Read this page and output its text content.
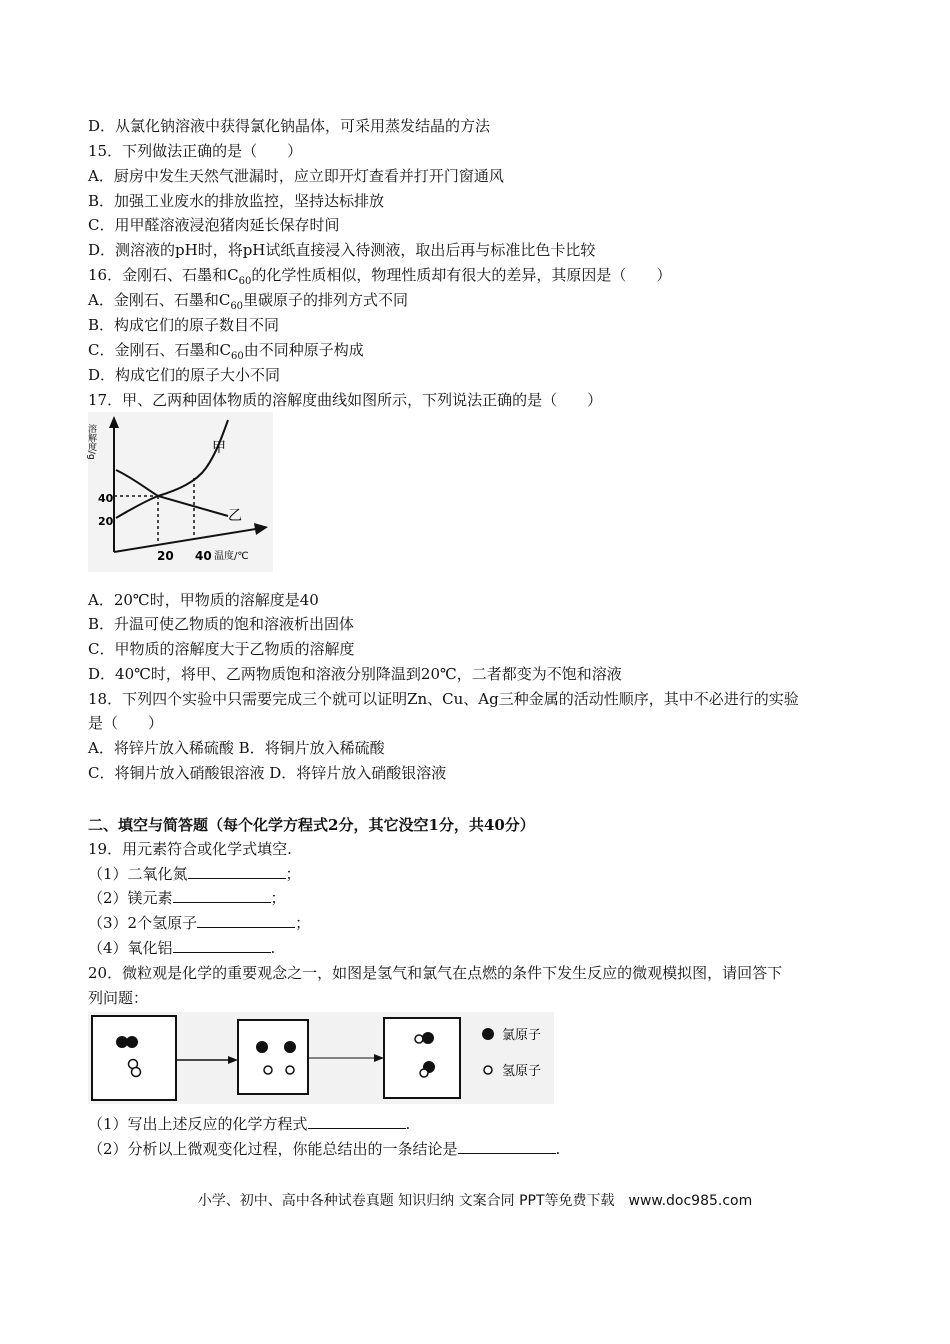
D．从氯化钠溶液中获得氯化钠晶体，可采用蒸发结晶的方法
15．下列做法正确的是（　　）
A．厨房中发生天然气泄漏时，应立即开灯查看并打开门窗通风
B．加强工业废水的排放监控，坚持达标排放
C．用甲醛溶液浸泡猪肉延长保存时间
D．测溶液的pH时，将pH试纸直接浸入待测液，取出后再与标准比色卡比较
16．金刚石、石墨和$C_{60}$的化学性质相似，物理性质却有很大的差异，其原因是（　　）
A．金刚石、石墨和$C_{60}$里碳原子的排列方式不同
B．构成它们的原子数目不同
C．金刚石、石墨和$C_{60}$由不同种原子构成
D．构成它们的原子大小不同
17．甲、乙两种固体物质的溶解度曲线如图所示，下列说法正确的是（　　）
溶解度/g
40
20
20 40 温度/℃
甲
乙
A．20℃时，甲物质的溶解度是40
B．升温可使乙物质的饱和溶液析出固体
C．甲物质的溶解度大于乙物质的溶解度
D．40℃时，将甲、乙两物质饱和溶液分别降温到20℃，二者都变为不饱和溶液
18．下列四个实验中只需要完成三个就可以证明Zn、Cu、Ag三种金属的活动性顺序，其中不必进行的实验
是（　　）
A．将锌片放入稀硫酸 B．将铜片放入稀硫酸
C．将铜片放入硝酸银溶液 D．将锌片放入硝酸银溶液
二、填空与简答题（每个化学方程式2分，其它没空1分，共40分）
19．用元素符合或化学式填空.
（1）二氧化氮	；
（2）镁元素	；
（3）2个氢原子	；
（4）氧化铝	.
20．微粒观是化学的重要观念之一，如图是氢气和氯气在点燃的条件下发生反应的微观模拟图，请回答下
列问题：
氯原子
氢原子
（1）写出上述反应的化学方程式	.
（2）分析以上微观变化过程，你能总结出的一条结论是	.
小学、初中、高中各种试卷真题 知识归纳 文案合同 PPT等免费下载　www.doc985.com
